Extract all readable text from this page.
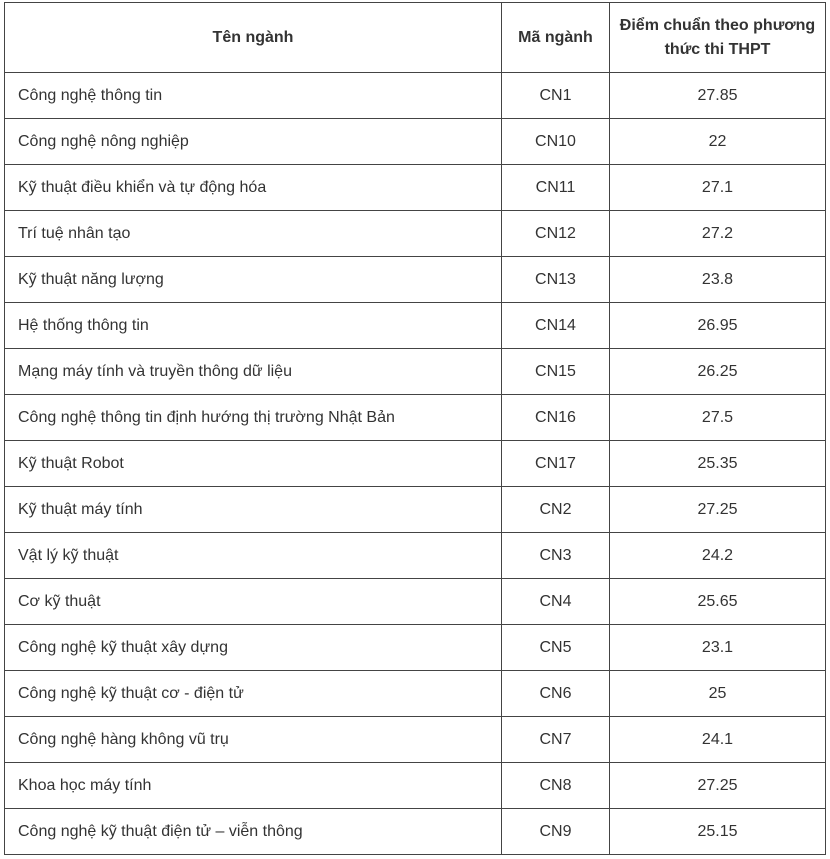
Tên ngành	Mã ngành	Điểm chuẩn theo phương thức thi THPT
Công nghệ thông tin	CN1	27.85
Công nghệ nông nghiệp	CN10	22
Kỹ thuật điều khiển và tự động hóa	CN11	27.1
Trí tuệ nhân tạo	CN12	27.2
Kỹ thuật năng lượng	CN13	23.8
Hệ thống thông tin	CN14	26.95
Mạng máy tính và truyền thông dữ liệu	CN15	26.25
Công nghệ thông tin định hướng thị trường Nhật Bản	CN16	27.5
Kỹ thuật Robot	CN17	25.35
Kỹ thuật máy tính	CN2	27.25
Vật lý kỹ thuật	CN3	24.2
Cơ kỹ thuật	CN4	25.65
Công nghệ kỹ thuật xây dựng	CN5	23.1
Công nghệ kỹ thuật cơ - điện tử	CN6	25
Công nghệ hàng không vũ trụ	CN7	24.1
Khoa học máy tính	CN8	27.25
Công nghệ kỹ thuật điện tử – viễn thông	CN9	25.15
